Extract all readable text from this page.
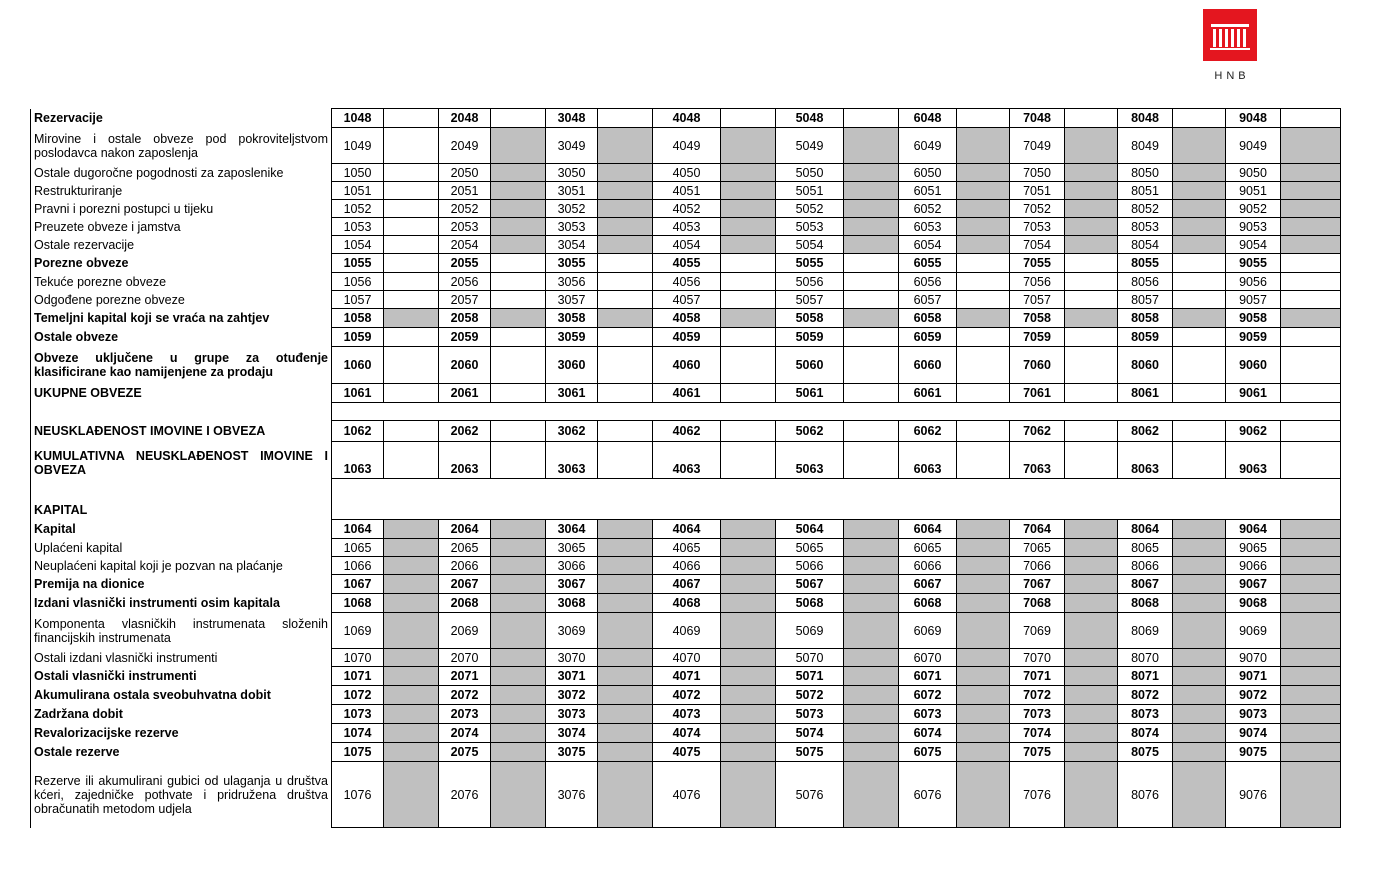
HNB
Rezervacije	1048		2048		3048		4048		5048		6048		7048		8048		9048	
Mirovine i ostale obveze pod pokroviteljstvom poslodavca nakon zaposlenja	1049		2049		3049		4049		5049		6049		7049		8049		9049	
Ostale dugoročne pogodnosti za zaposlenike	1050		2050		3050		4050		5050		6050		7050		8050		9050	
Restrukturiranje	1051		2051		3051		4051		5051		6051		7051		8051		9051	
Pravni i porezni postupci u tijeku	1052		2052		3052		4052		5052		6052		7052		8052		9052	
Preuzete obveze i jamstva	1053		2053		3053		4053		5053		6053		7053		8053		9053	
Ostale rezervacije	1054		2054		3054		4054		5054		6054		7054		8054		9054	
Porezne obveze	1055		2055		3055		4055		5055		6055		7055		8055		9055	
Tekuće porezne obveze	1056		2056		3056		4056		5056		6056		7056		8056		9056	
Odgođene porezne obveze	1057		2057		3057		4057		5057		6057		7057		8057		9057	
Temeljni kapital koji se vraća na zahtjev	1058		2058		3058		4058		5058		6058		7058		8058		9058	
Ostale obveze	1059		2059		3059		4059		5059		6059		7059		8059		9059	
Obveze uključene u grupe za otuđenje klasificirane kao namijenjene za prodaju	1060		2060		3060		4060		5060		6060		7060		8060		9060	
UKUPNE OBVEZE	1061		2061		3061		4061		5061		6061		7061		8061		9061	

NEUSKLAĐENOST IMOVINE I OBVEZA	1062		2062		3062		4062		5062		6062		7062		8062		9062	
KUMULATIVNA NEUSKLAĐENOST IMOVINE I OBVEZA	1063		2063		3063		4063		5063		6063		7063		8063		9063	
KAPITAL																		
Kapital	1064		2064		3064		4064		5064		6064		7064		8064		9064	
Uplaćeni kapital	1065		2065		3065		4065		5065		6065		7065		8065		9065	
Neuplaćeni kapital koji je pozvan na plaćanje	1066		2066		3066		4066		5066		6066		7066		8066		9066	
Premija na dionice	1067		2067		3067		4067		5067		6067		7067		8067		9067	
Izdani vlasnički instrumenti osim kapitala	1068		2068		3068		4068		5068		6068		7068		8068		9068	
Komponenta vlasničkih instrumenata složenih financijskih instrumenata	1069		2069		3069		4069		5069		6069		7069		8069		9069	
Ostali izdani vlasnički instrumenti	1070		2070		3070		4070		5070		6070		7070		8070		9070	
Ostali vlasnički instrumenti	1071		2071		3071		4071		5071		6071		7071		8071		9071	
Akumulirana ostala sveobuhvatna dobit	1072		2072		3072		4072		5072		6072		7072		8072		9072	
Zadržana dobit	1073		2073		3073		4073		5073		6073		7073		8073		9073	
Revalorizacijske rezerve	1074		2074		3074		4074		5074		6074		7074		8074		9074	
Ostale rezerve	1075		2075		3075		4075		5075		6075		7075		8075		9075	
Rezerve ili akumulirani gubici od ulaganja u društva kćeri, zajedničke pothvate i pridružena društva obračunatih metodom udjela	1076		2076		3076		4076		5076		6076		7076		8076		9076	
